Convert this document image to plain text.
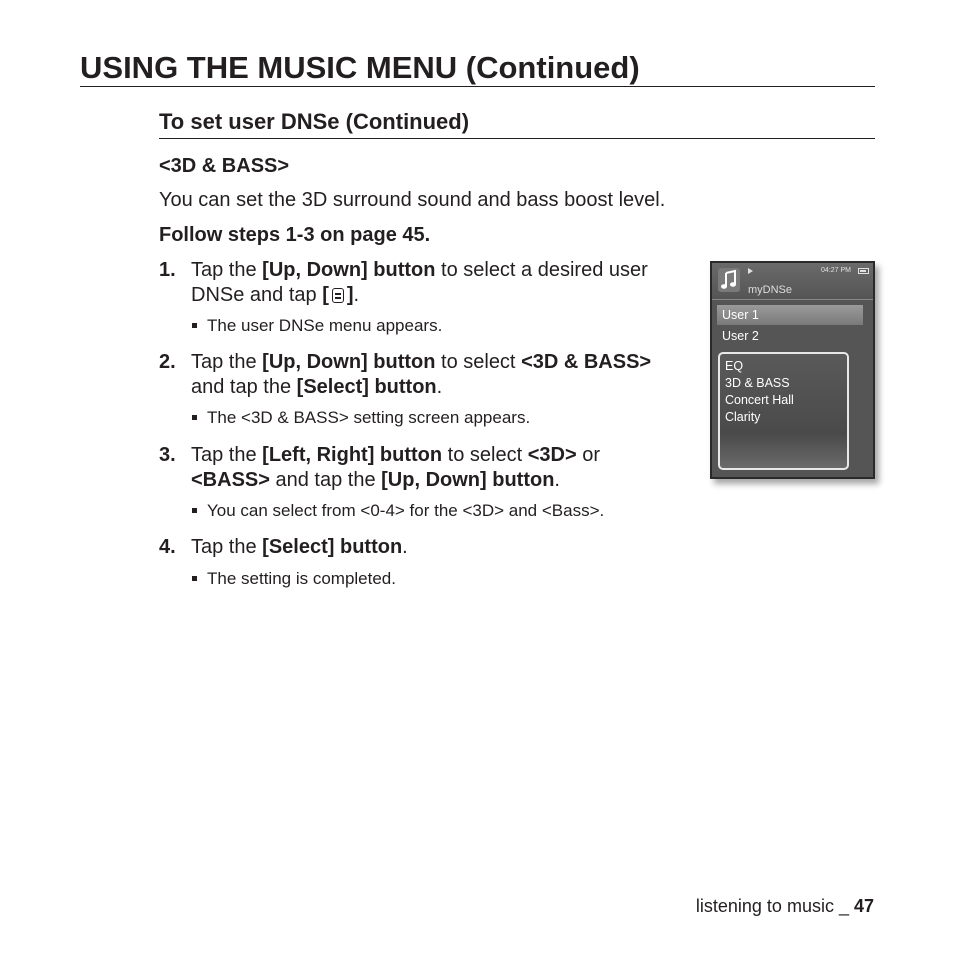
USING THE MUSIC MENU (Continued)
To set user DNSe (Continued)
<3D & BASS>
You can set the 3D surround sound and bass boost level.
Follow steps 1-3 on page 45.
1. Tap the [Up, Down] button to select a desired user DNSe and tap [ ].
The user DNSe menu appears.
2. Tap the [Up, Down] button to select <3D & BASS> and tap the [Select] button.
The <3D & BASS> setting screen appears.
3. Tap the [Left, Right] button to select <3D> or <BASS> and tap the [Up, Down] button.
You can select from <0-4> for the <3D> and <Bass>.
4. Tap the [Select] button.
The setting is completed.
04:27 PM
myDNSe
User 1
User 2
EQ
3D & BASS
Concert Hall
Clarity
listening to music _ 47
